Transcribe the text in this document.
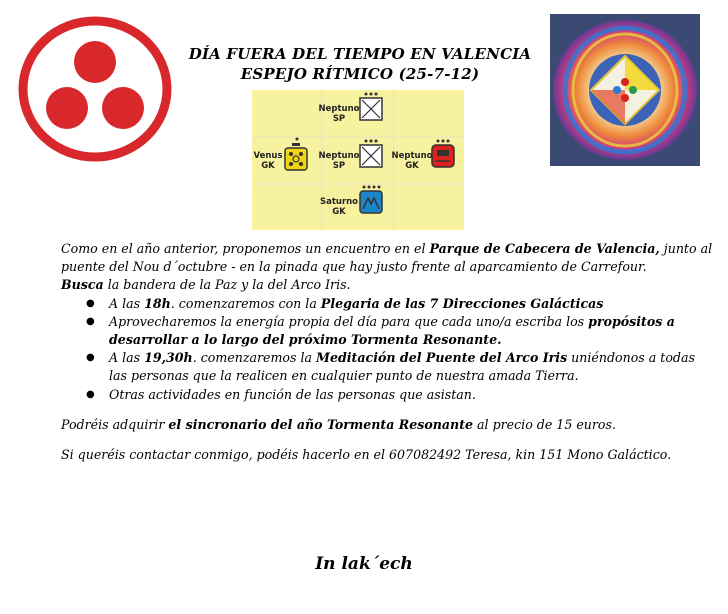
DÍA FUERA DEL TIEMPO EN VALENCIA
ESPEJO RÍTMICO (25-7-12)
Neptuno
SP
Neptuno
SP
Venus
GK
Neptuno
GK
Saturno
GK

Como en el año anterior, proponemos un encuentro en el Parque de Cabecera de Valencia, junto al puente del Nou d´octubre - en la pinada que hay justo frente al aparcamiento de Carrefour.

Busca la bandera de la Paz y la del Arco Iris.

● A las 18h. comenzaremos con la Plegaria de las 7 Direcciones Galácticas
● Aprovecharemos la energía propia del día para que cada uno/a escriba los propósitos a desarrollar a lo largo del próximo Tormenta Resonante.
● A las 19,30h. comenzaremos la Meditación del Puente del Arco Iris uniéndonos a todas las personas que la realicen en cualquier punto de nuestra amada Tierra.
● Otras actividades en función de las personas que asistan.

Podréis adquirir el sincronario del año Tormenta Resonante al precio de 15 euros.

Si queréis contactar conmigo, podéis hacerlo en el 607082492 Teresa, kin 151 Mono Galáctico.

In lak´ech
